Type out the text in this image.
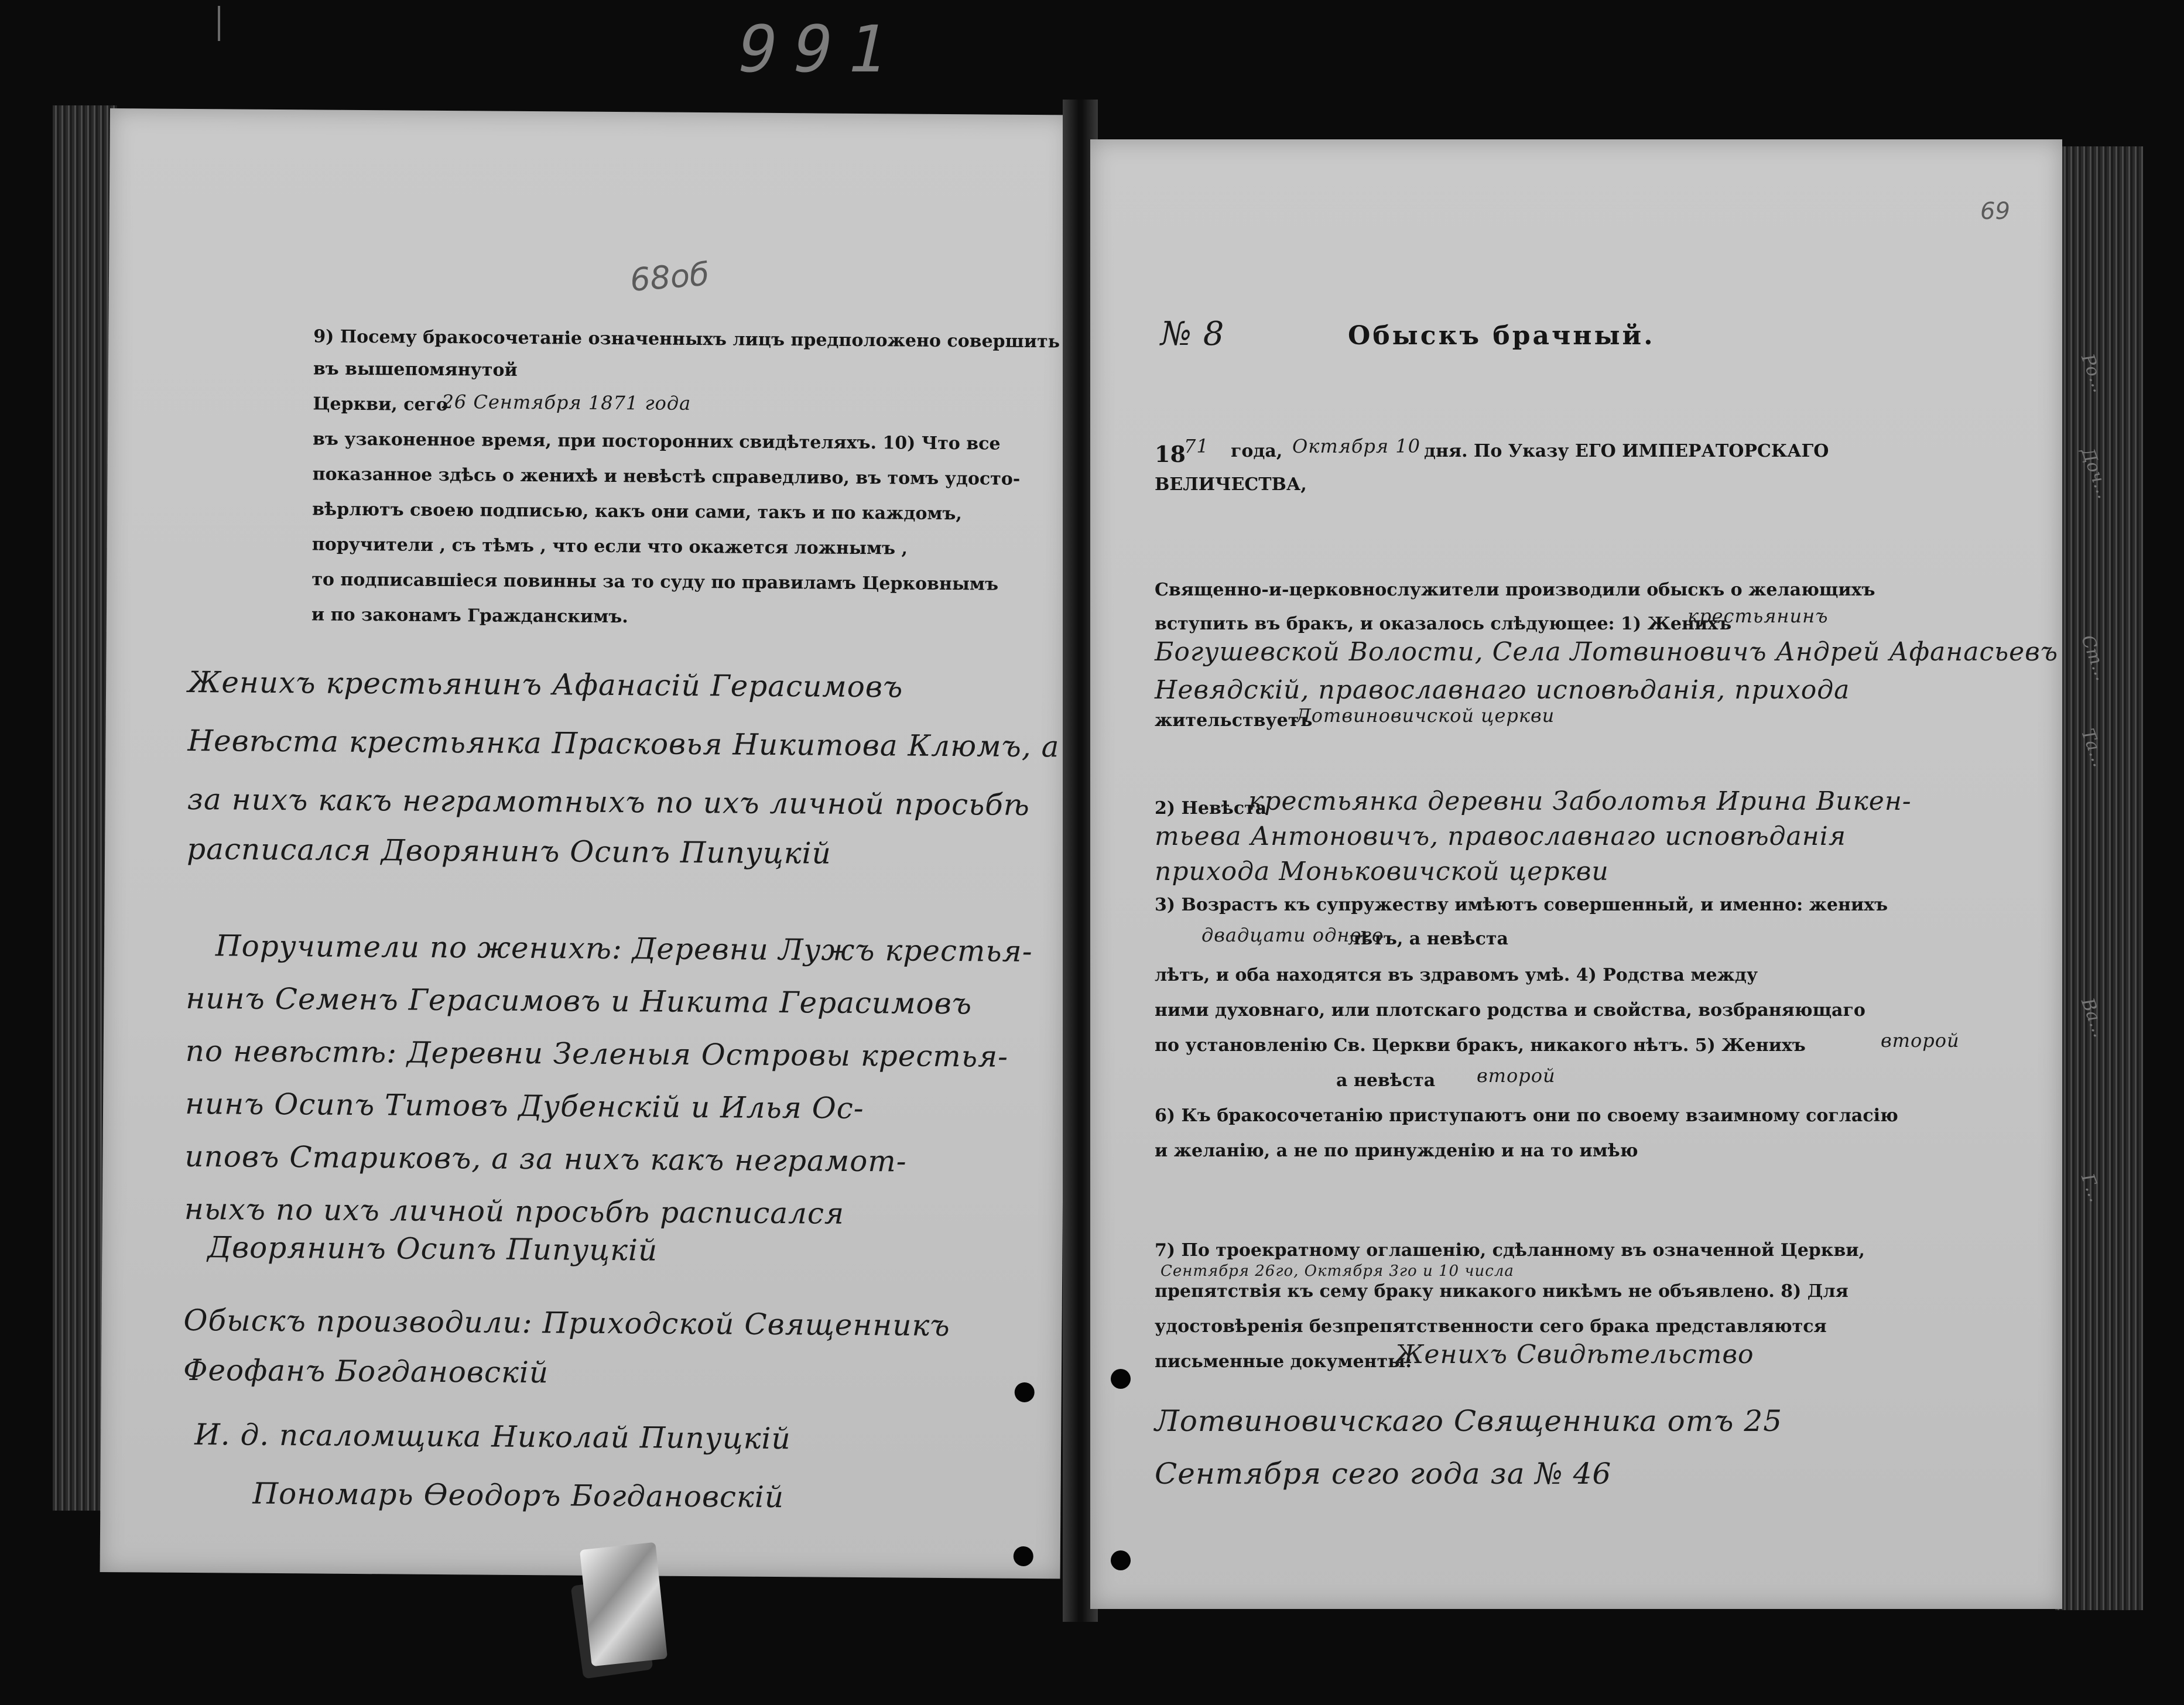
991
68об
9) Посему бракосочетанiе означенныхъ лицъ предположено совершить
въ вышепомянутой
Церкви, сего
26 Сентября 1871 года
въ узаконенное время, при посторонних свидѣтеляхъ. 10) Что все
показанное здѣсь о женихѣ и невѣстѣ справедливо, въ томъ удосто-
вѣрлютъ своею подписью, какъ они сами, такъ и по каждомъ,
поручители , съ тѣмъ , что если что окажется ложнымъ ,
то подписавшiеся повинны за то суду по правиламъ Церковнымъ
и по законамъ Гражданскимъ.
Женихъ крестьянинъ Афанасiй Герасимовъ
Невѣста крестьянка Прасковья Никитова Клюмъ, а
за нихъ какъ неграмотныхъ по ихъ личной просьбѣ
расписался Дворянинъ Осипъ Пипуцкiй
Поручители по женихѣ: Деревни Лужъ крестья-
нинъ Семенъ Герасимовъ и Никита Герасимовъ
по невѣстѣ: Деревни Зеленыя Островы крестья-
нинъ Осипъ Титовъ Дубенскiй и Илья Ос-
иповъ Стариковъ, а за нихъ какъ неграмот-
ныхъ по ихъ личной просьбѣ расписался
Дворянинъ Осипъ Пипуцкiй
Обыскъ производили: Приходской Священникъ
Феофанъ Богдановскiй
И. д. псаломщика Николай Пипуцкiй
Пономарь Өеодоръ Богдановскiй
69
№ 8	Обыскъ брачный.
18
71 года, Октября 10 дня. По Указу ЕГО ИМПЕРАТОРСКАГО
ВЕЛИЧЕСТВА,
Священно-и-церковнослужители производили обыскъ о желающихъ
вступить въ бракъ, и оказалось слѣдующее: 1) Женихъ
крестьянинъ
Богушевской Волости, Села Лотвиновичъ Андрей Афанасьевъ
Невядскiй, православнаго исповѣданiя, прихода
жительствуетъ
Лотвиновичской церкви
2) Невѣста
крестьянка деревни Заболотья Ирина Викен-
тьева Антоновичъ, православнаго исповѣданiя
прихода Моньковичской церкви
3) Возрастъ къ супружеству имѣютъ совершенный, и именно: женихъ
двадцати одного
лѣтъ, а невѣста
лѣтъ, и оба находятся въ здравомъ умѣ. 4) Родства между
ними духовнаго, или плотскаго родства и свойства, возбраняющаго
по установленiю Св. Церкви бракъ, никакого нѣтъ. 5) Женихъ	второй
а невѣста второй
6) Къ бракосочетанiю приступаютъ они по своему взаимному согласiю
и желанiю, а не по принужденiю и на то имѣю
7) По троекратному оглашенiю, сдѣланному въ означенной Церкви,
Сентября 26го, Октября 3го и 10 числа
препятствiя къ сему браку никакого никѣмъ не объявлено. 8) Для
удостовѣренiя безпрепятственности сего брака представляются
письменные документы:
Женихъ Свидѣтельство
Лотвиновичскаго Священника отъ 25
Сентября сего года за № 46
Ро...
Доч...
Ст...
Та...
Ва...
Г...
